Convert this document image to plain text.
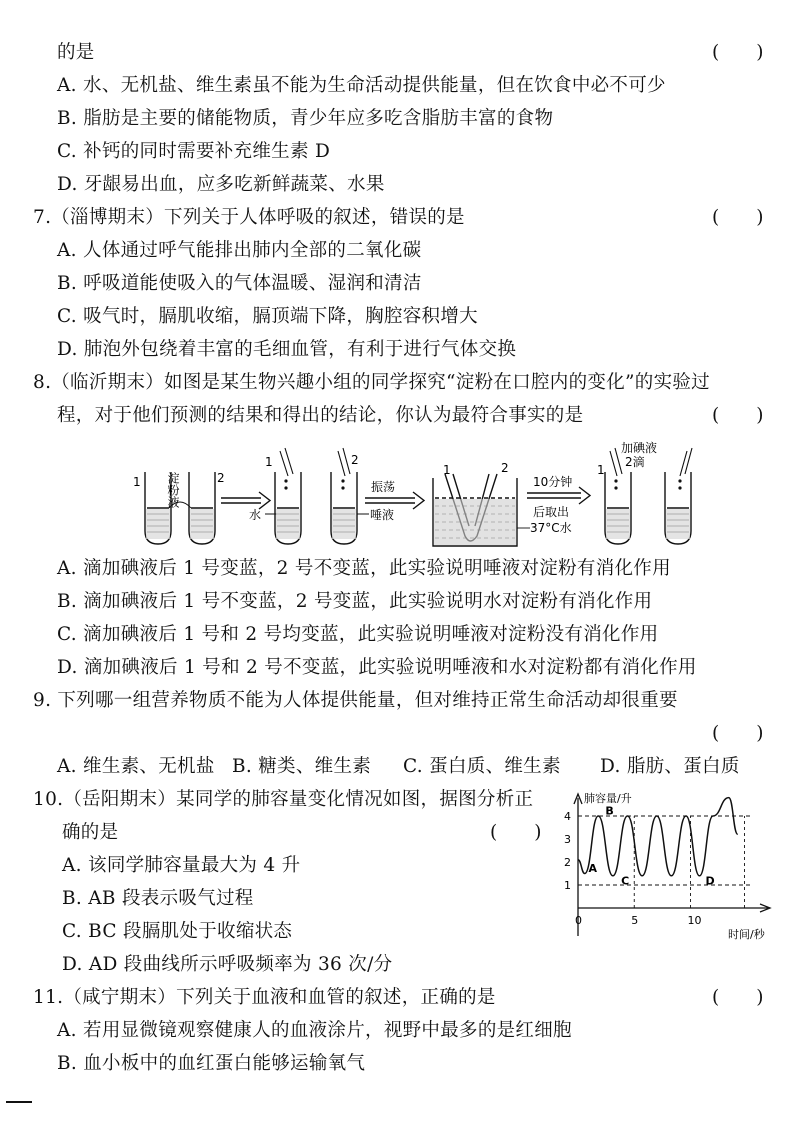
的是	(　　)
A. 水、无机盐、维生素虽不能为生命活动提供能量，但在饮食中必不可少
B. 脂肪是主要的储能物质，青少年应多吃含脂肪丰富的食物
C. 补钙的同时需要补充维生素 D
D. 牙龈易出血，应多吃新鲜蔬菜、水果
7.（淄博期末）下列关于人体呼吸的叙述，错误的是	(　　)
A. 人体通过呼气能排出肺内全部的二氧化碳
B. 呼吸道能使吸入的气体温暖、湿润和清洁
C. 吸气时，膈肌收缩，膈顶端下降，胸腔容积增大
D. 肺泡外包绕着丰富的毛细血管，有利于进行气体交换
8.（临沂期末）如图是某生物兴趣小组的同学探究“淀粉在口腔内的变化”的实验过
程，对于他们预测的结果和得出的结论，你认为最符合事实的是	(　　)
1	2
淀粉液
1	2
水	唾液
振荡
1	2
37°C水
10分钟
后取出
1
加碘液
2滴
A. 滴加碘液后 1 号变蓝，2 号不变蓝，此实验说明唾液对淀粉有消化作用
B. 滴加碘液后 1 号不变蓝，2 号变蓝，此实验说明水对淀粉有消化作用
C. 滴加碘液后 1 号和 2 号均变蓝，此实验说明唾液对淀粉没有消化作用
D. 滴加碘液后 1 号和 2 号不变蓝，此实验说明唾液和水对淀粉都有消化作用
9. 下列哪一组营养物质不能为人体提供能量，但对维持正常生命活动却很重要
(　　)
A. 维生素、无机盐 B. 糖类、维生素 C. 蛋白质、维生素 D. 脂肪、蛋白质
10.（岳阳期末）某同学的肺容量变化情况如图，据图分析正
确的是	(　　)
A. 该同学肺容量最大为 4 升
B. AB 段表示吸气过程
C. BC 段膈肌处于收缩状态
D. AD 段曲线所示呼吸频率为 36 次/分
1
2
3
4
0	5	10
A
B
C	D
肺容量/升
时间/秒
11.（咸宁期末）下列关于血液和血管的叙述，正确的是	(　　)
A. 若用显微镜观察健康人的血液涂片，视野中最多的是红细胞
B. 血小板中的血红蛋白能够运输氧气
